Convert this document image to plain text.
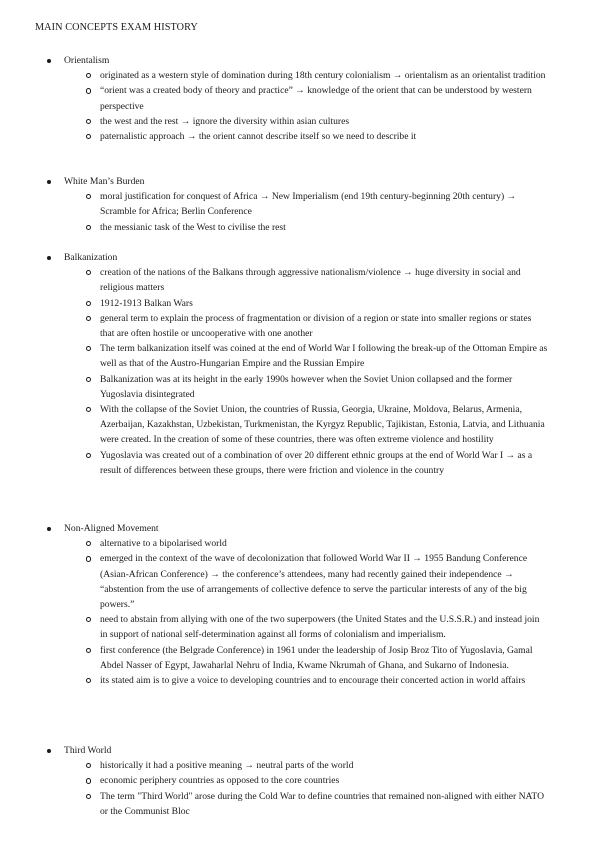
MAIN CONCEPTS EXAM HISTORY
Orientalism
originated as a western style of domination during 18th century colonialism → orientalism as an orientalist tradition
“orient was a created body of theory and practice” → knowledge of the orient that can be understood by western perspective
the west and the rest → ignore the diversity within asian cultures
paternalistic approach → the orient cannot describe itself so we need to describe it
White Man’s Burden
moral justification for conquest of Africa → New Imperialism (end 19th century-beginning 20th century) → Scramble for Africa; Berlin Conference
the messianic task of the West to civilise the rest
Balkanization
creation of the nations of the Balkans through aggressive nationalism/violence → huge diversity in social and religious matters
1912-1913 Balkan Wars
general term to explain the process of fragmentation or division of a region or state into smaller regions or states that are often hostile or uncooperative with one another
The term balkanization itself was coined at the end of World War I following the break-up of the Ottoman Empire as well as that of the Austro-Hungarian Empire and the Russian Empire
Balkanization was at its height in the early 1990s however when the Soviet Union collapsed and the former Yugoslavia disintegrated
With the collapse of the Soviet Union, the countries of Russia, Georgia, Ukraine, Moldova, Belarus, Armenia, Azerbaijan, Kazakhstan, Uzbekistan, Turkmenistan, the Kyrgyz Republic, Tajikistan, Estonia, Latvia, and Lithuania were created. In the creation of some of these countries, there was often extreme violence and hostility
Yugoslavia was created out of a combination of over 20 different ethnic groups at the end of World War I → as a result of differences between these groups, there were friction and violence in the country
Non-Aligned Movement
alternative to a bipolarised world
emerged in the context of the wave of decolonization that followed World War II → 1955 Bandung Conference (Asian-African Conference) → the conference’s attendees, many had recently gained their independence → “abstention from the use of arrangements of collective defence to serve the particular interests of any of the big powers.”
need to abstain from allying with one of the two superpowers (the United States and the U.S.S.R.) and instead join in support of national self-determination against all forms of colonialism and imperialism.
first conference (the Belgrade Conference) in 1961 under the leadership of Josip Broz Tito of Yugoslavia, Gamal Abdel Nasser of Egypt, Jawaharlal Nehru of India, Kwame Nkrumah of Ghana, and Sukarno of Indonesia.
its stated aim is to give a voice to developing countries and to encourage their concerted action in world affairs
Third World
historically it had a positive meaning → neutral parts of the world
economic periphery countries as opposed to the core countries
The term "Third World" arose during the Cold War to define countries that remained non-aligned with either NATO or the Communist Bloc
